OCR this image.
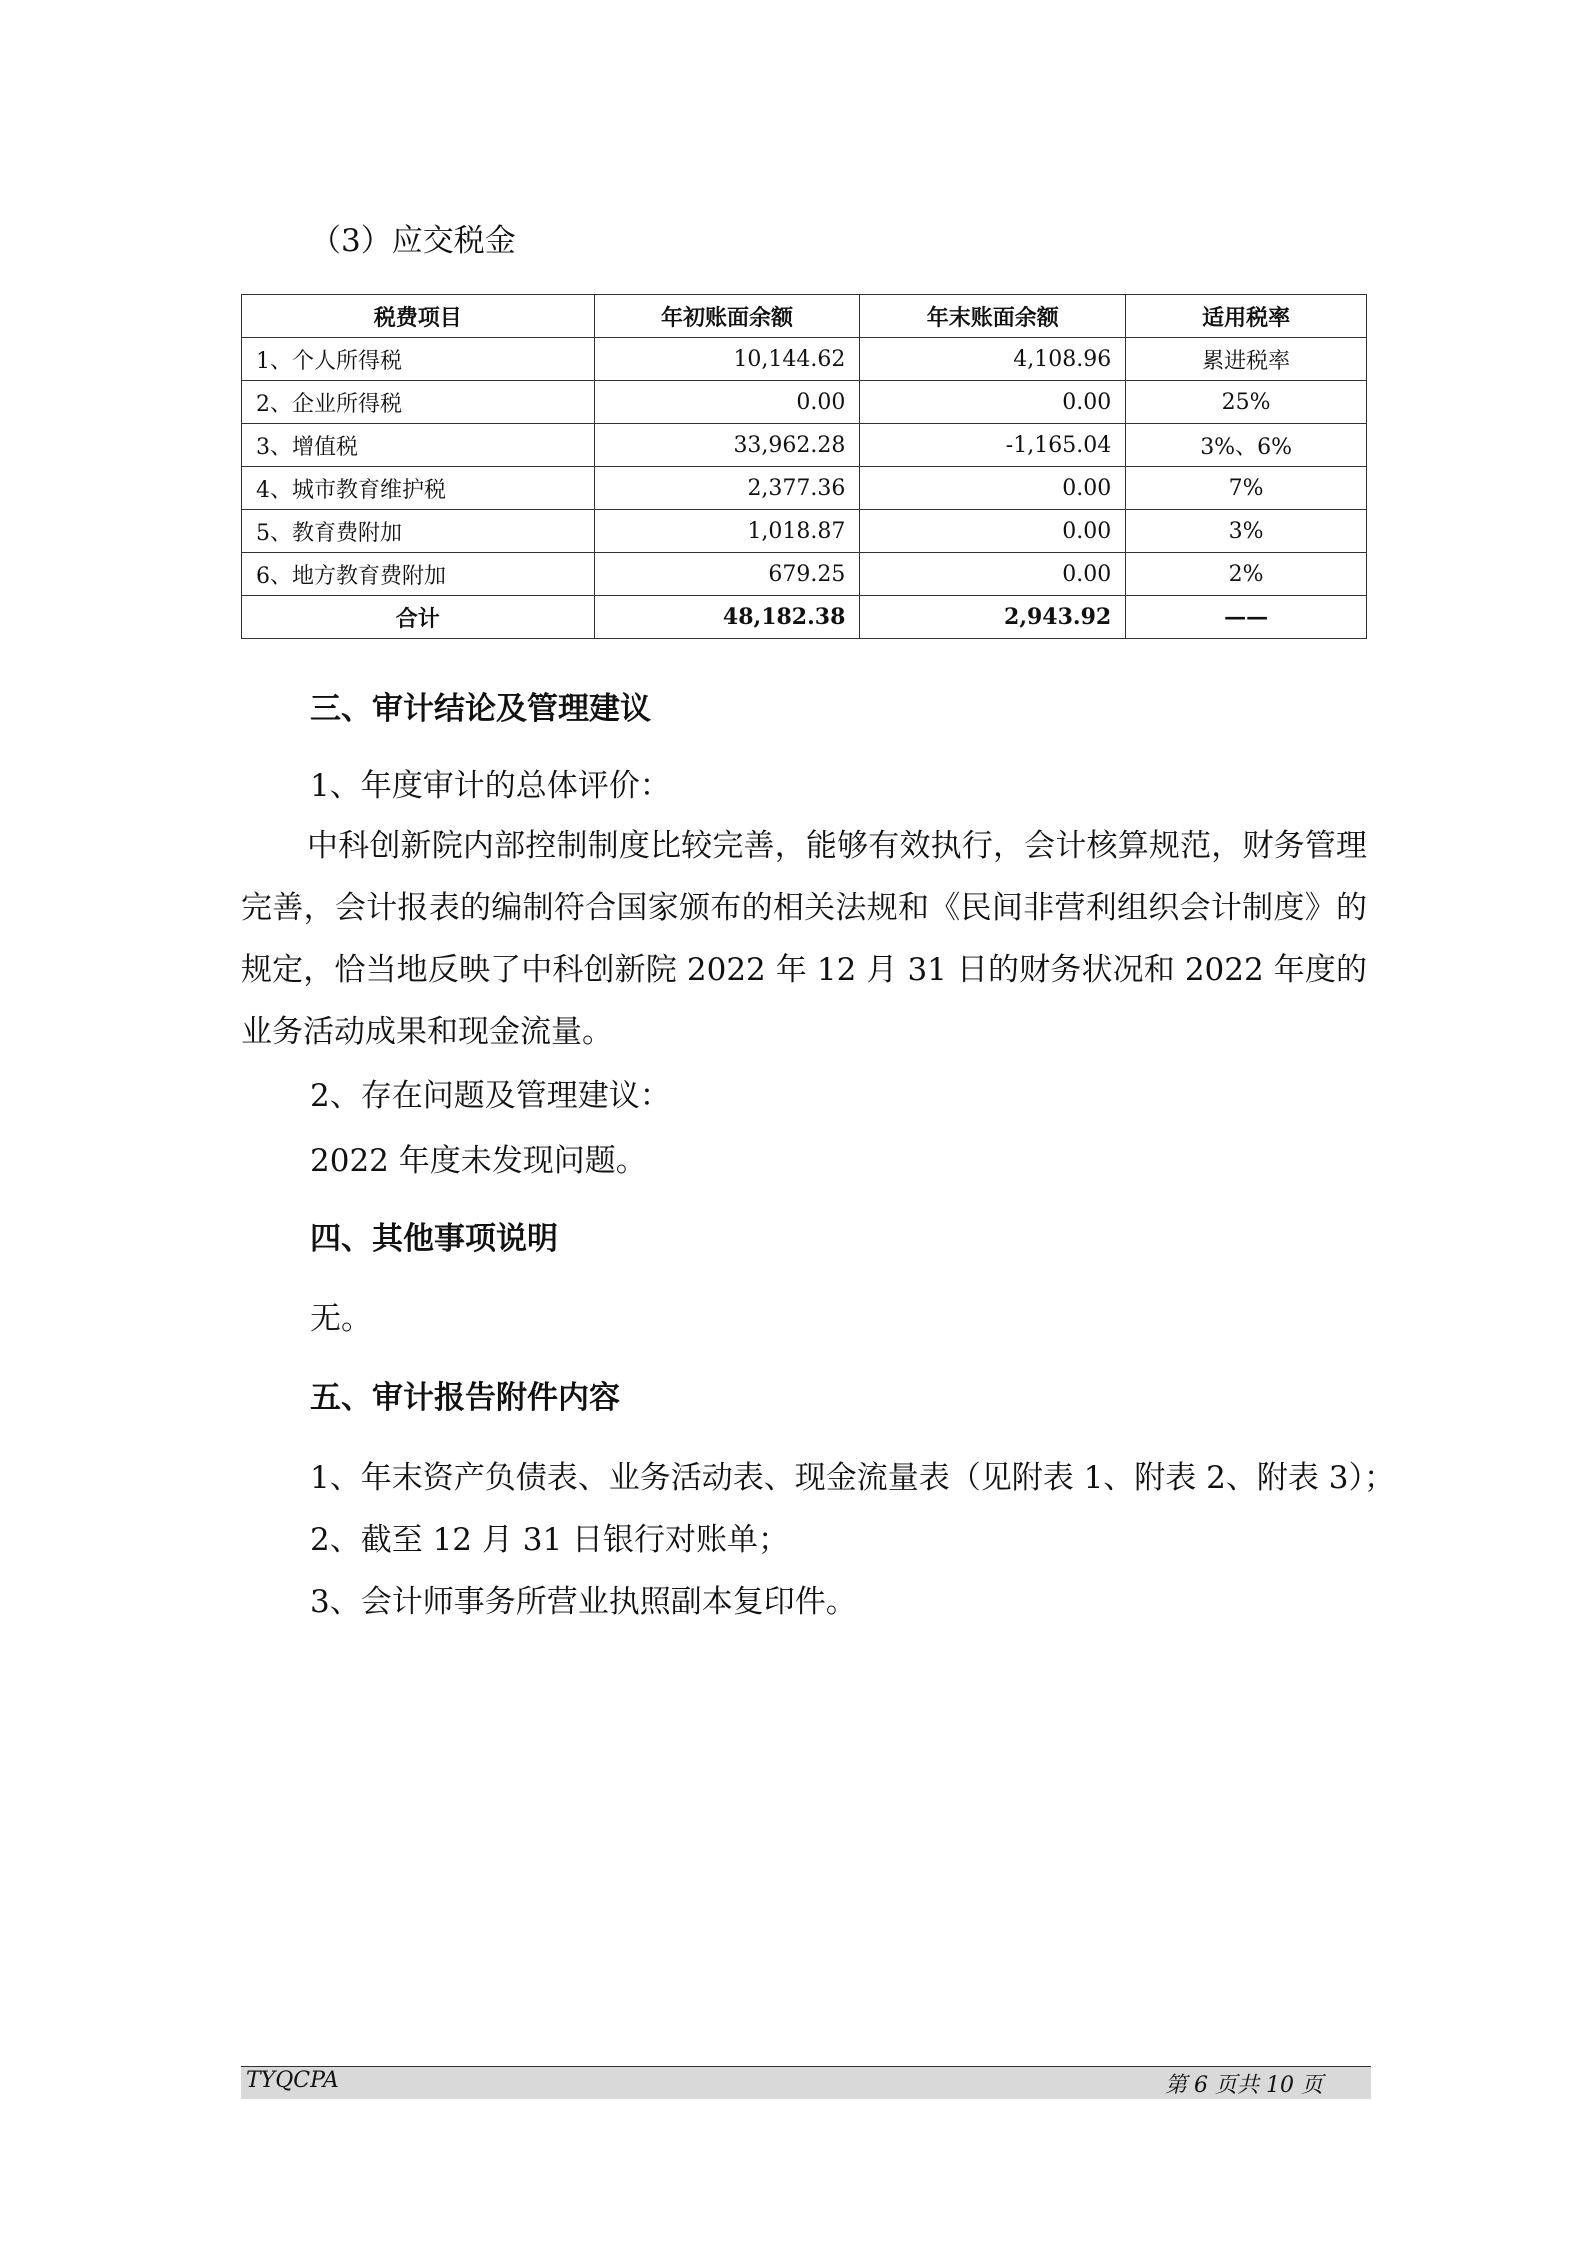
（3）应交税金
税费项目	年初账面余额	年末账面余额	适用税率
1、个人所得税	10,144.62	4,108.96	累进税率
2、企业所得税	0.00	0.00	25%
3、增值税	33,962.28	-1,165.04	3%、6%
4、城市教育维护税	2,377.36	0.00	7%
5、教育费附加	1,018.87	0.00	3%
6、地方教育费附加	679.25	0.00	2%
合计	48,182.38	2,943.92	——
三、审计结论及管理建议
1、年度审计的总体评价：
中科创新院内部控制制度比较完善，能够有效执行，会计核算规范，财务管理完善，会计报表的编制符合国家颁布的相关法规和《民间非营利组织会计制度》的规定，恰当地反映了中科创新院 2022 年 12 月 31 日的财务状况和 2022 年度的业务活动成果和现金流量。
2、存在问题及管理建议：
2022 年度未发现问题。
四、其他事项说明
无。
五、审计报告附件内容
1、年末资产负债表、业务活动表、现金流量表（见附表 1、附表 2、附表 3）；
2、截至 12 月 31 日银行对账单；
3、会计师事务所营业执照副本复印件。
TYQCPA	第 6 页共 10 页
